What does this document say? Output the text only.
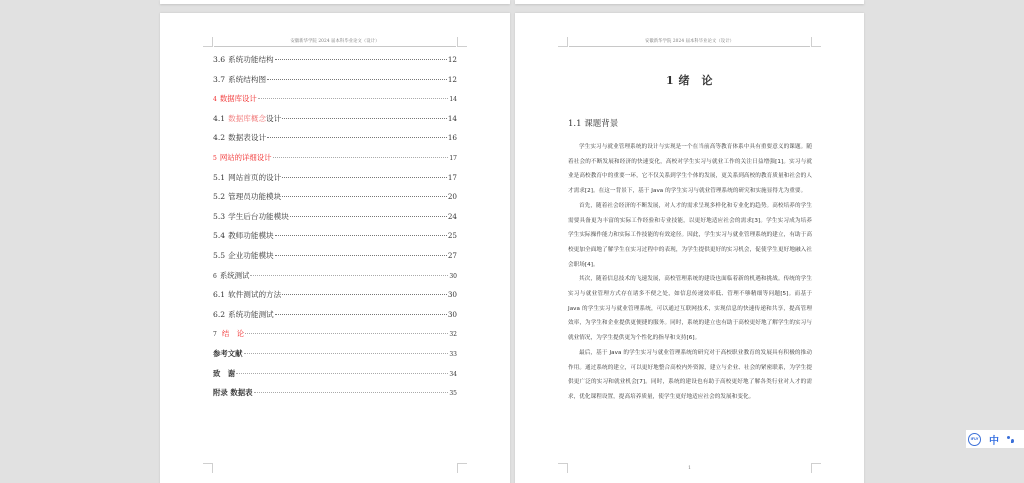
安徽新华学院 2024 届本科毕业论文（设计）
3.6 系统功能结构	12
3.7 系统结构图	12
4 数据库设计	14
4.1 数据库概念设计	14
4.2 数据表设计	16
5 网站的详细设计	17
5.1 网站首页的设计	17
5.2 管理员功能模块	20
5.3 学生后台功能模块	24
5.4 教师功能模块	25
5.5 企业功能模块	27
6 系统测试	30
6.1 软件测试的方法	30
6.2 系统功能测试	30
7 结　论	32
参考文献	33
致　谢	34
附录 数据表	35
安徽新华学院 2024 届本科毕业论文（设计）
1 绪　论
1.1 课题背景

学生实习与就业管理系统的设计与实现是一个在当前高等教育体系中具有重要意义的课题。随着社会的不断发展和经济的快速变化，高校对学生实习与就业工作的关注日益增强[1]。实习与就业是高校教育中的重要一环，它不仅关系到学生个体的发展，更关系到高校的教育质量和社会的人才需求[2]。在这一背景下，基于 Java 的学生实习与就业管理系统的研究和实施显得尤为重要。

首先，随着社会经济的不断发展，对人才的需求呈现多样化和专业化的趋势。高校培养的学生需要具备更为丰富的实际工作经验和专业技能，以更好地适应社会的需求[3]。学生实习成为培养学生实际操作能力和实际工作技能的有效途径。因此，学生实习与就业管理系统的建立，有助于高校更加全面地了解学生在实习过程中的表现，为学生提供更好的实习机会，促使学生更好地融入社会职场[4]。

其次，随着信息技术的飞速发展，高校管理系统的建设也面临着新的机遇和挑战。传统的学生实习与就业管理方式存在诸多不便之处，如信息传递效率低、管理不够精细等问题[5]。而基于 Java 的学生实习与就业管理系统，可以通过互联网技术，实现信息的快速传递和共享，提高管理效率，为学生和企业提供更便捷的服务。同时，系统的建立也有助于高校更好地了解学生的实习与就业情况，为学生提供更为个性化的指导和支持[6]。

最后，基于 Java 的学生实习与就业管理系统的研究对于高校职业教育的发展具有积极的推动作用。通过系统的建立，可以更好地整合高校内外资源，建立与企业、社会的紧密联系，为学生提供更广泛的实习和就业机会[7]。同时，系统的建设也有助于高校更好地了解各类行业对人才的需求，优化课程设置，提高培养质量，使学生更好地适应社会的发展和变化。

1
iFLY 中
